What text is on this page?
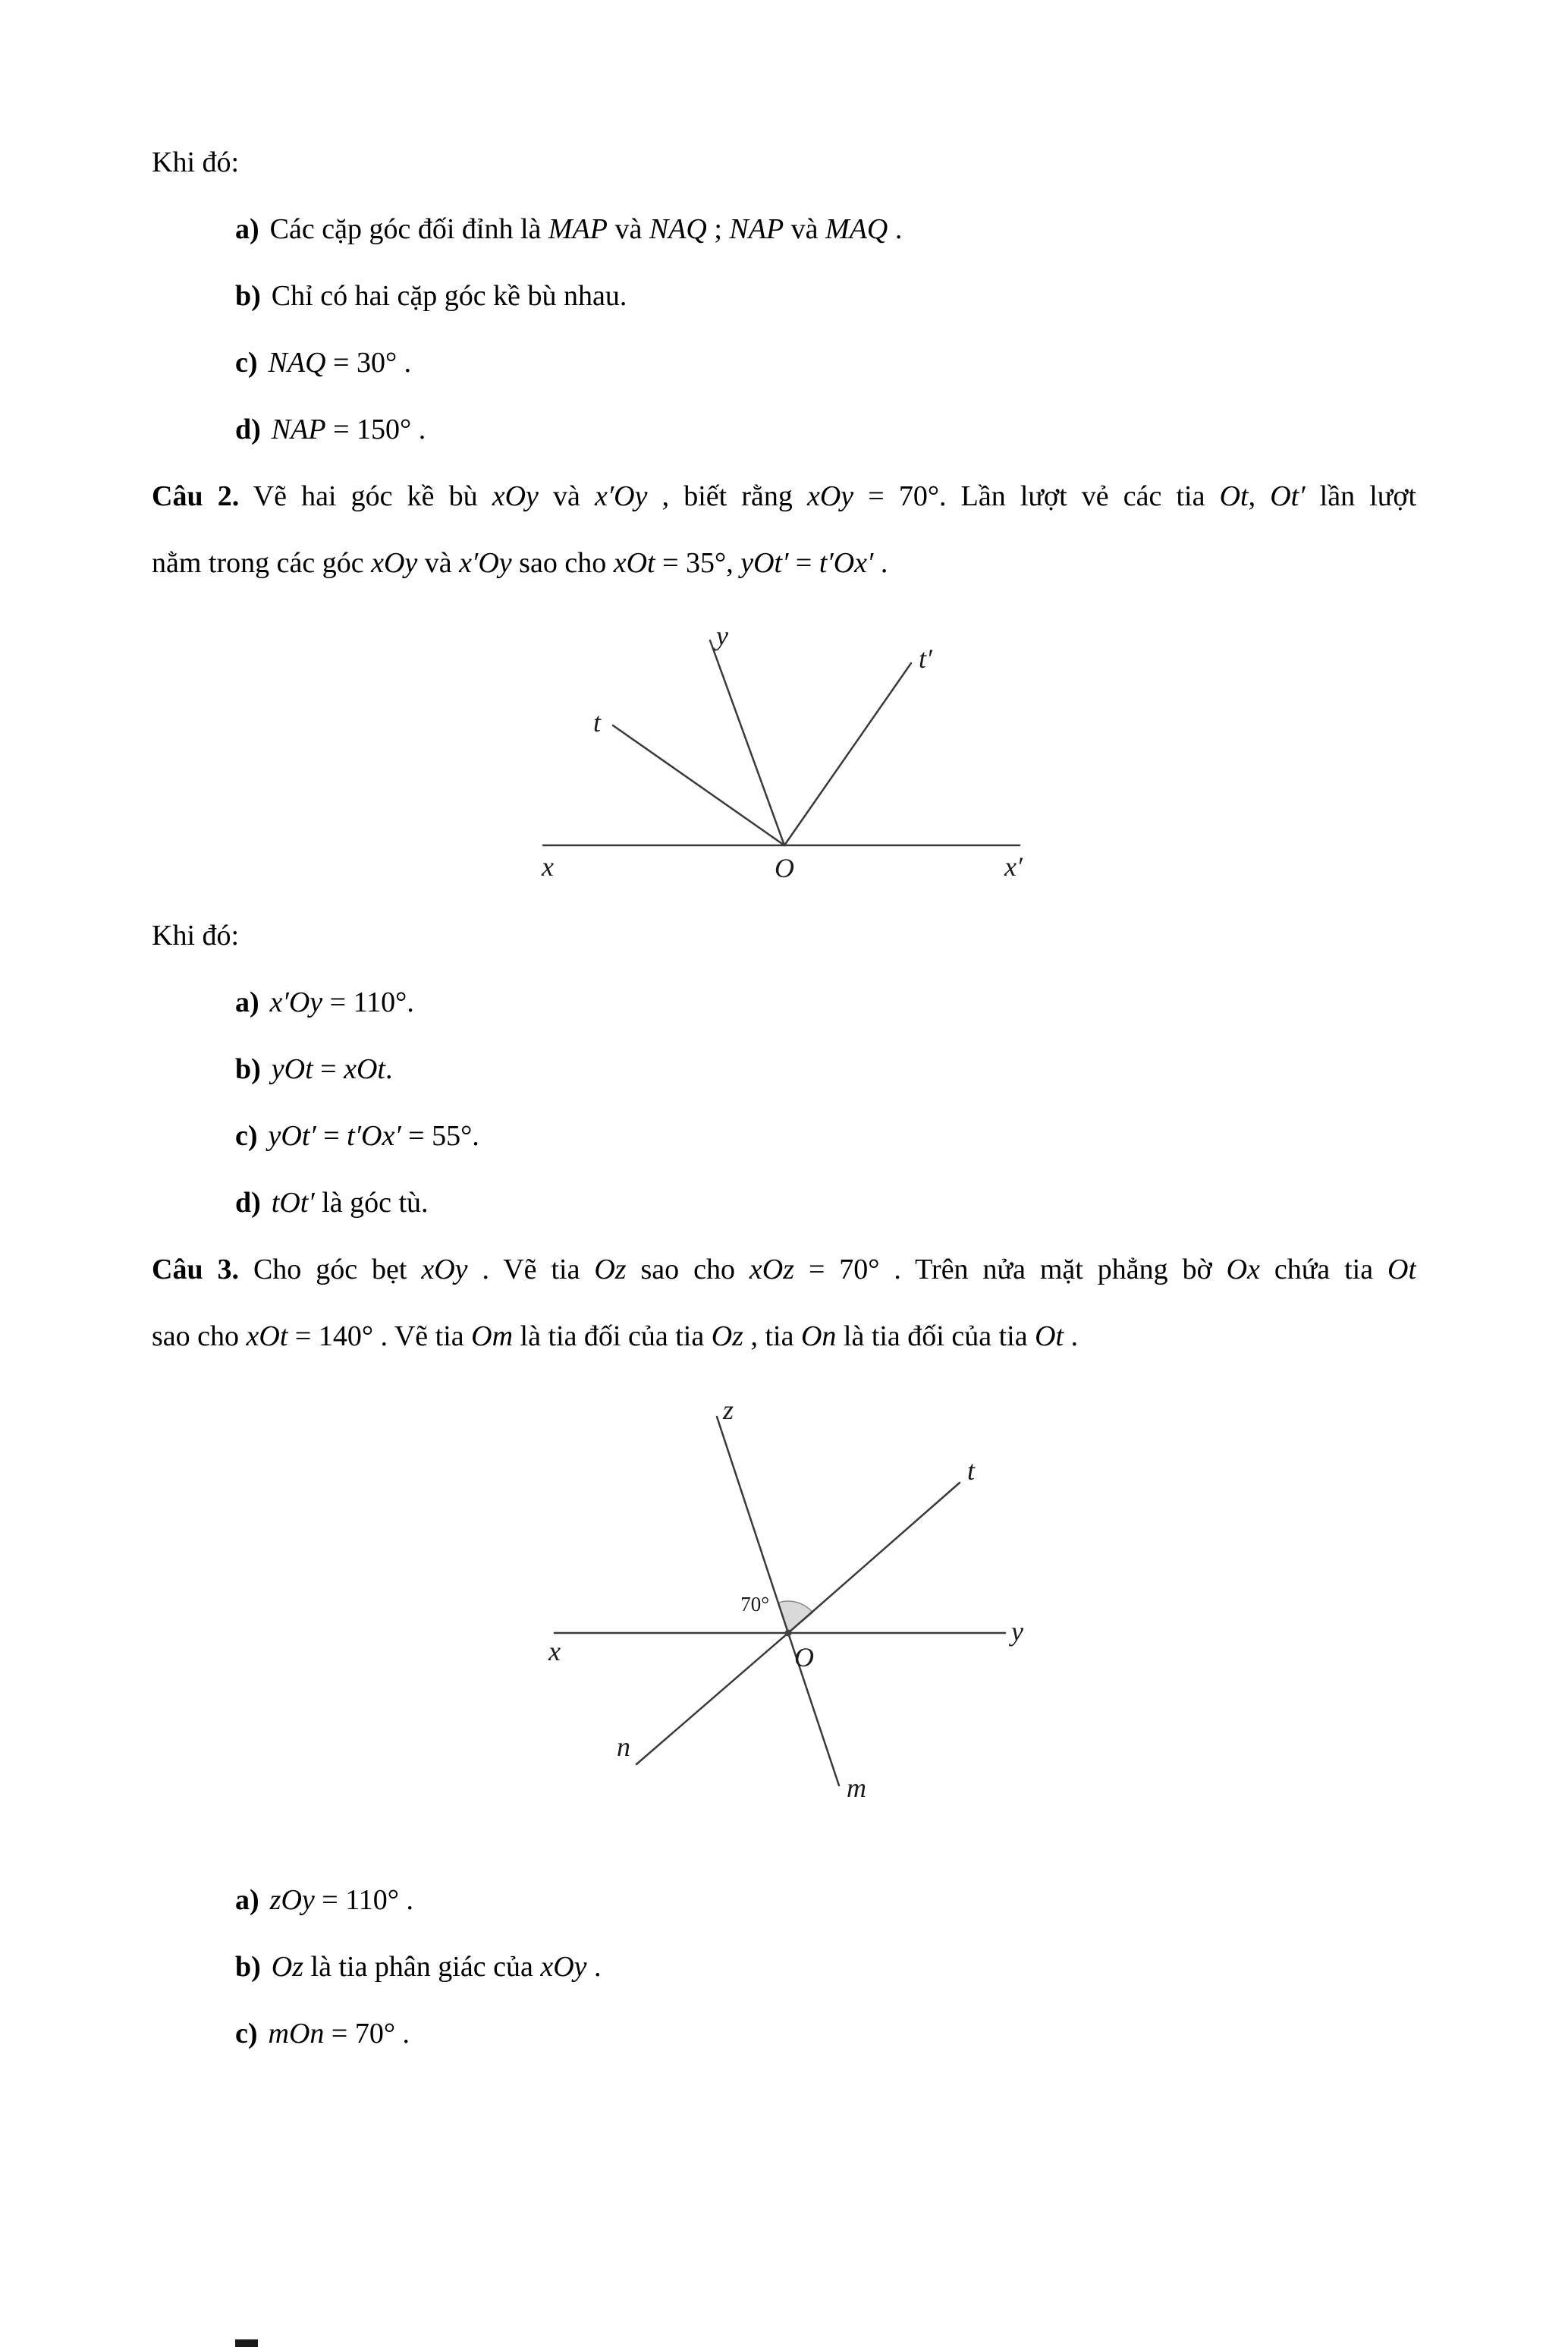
Khi đó:
a) Các cặp góc đối đỉnh là MAP và NAQ ; NAP và MAQ .
b) Chỉ có hai cặp góc kề bù nhau.
c) NAQ = 30° .
d) NAP = 150° .
Câu 2. Vẽ hai góc kề bù xOy và x′Oy , biết rằng xOy = 70°. Lần lượt vẻ các tia Ot, Ot′ lần lượt
nằm trong các góc xOy và x′Oy sao cho xOt = 35°, yOt′ = t′Ox′ .
y
t′
t
x	O	x′
Khi đó:
a) x′Oy = 110°.
b) yOt = xOt.
c) yOt′ = t′Ox′ = 55°.
d) tOt′ là góc tù.
Câu 3. Cho góc bẹt xOy . Vẽ tia Oz sao cho xOz = 70° . Trên nửa mặt phẳng bờ Ox chứa tia Ot
sao cho xOt = 140° . Vẽ tia Om là tia đối của tia Oz , tia On là tia đối của tia Ot .
70°
z
t
x
y
O
m
n
a) zOy = 110° .
b) Oz là tia phân giác của xOy .
c) mOn = 70° .
